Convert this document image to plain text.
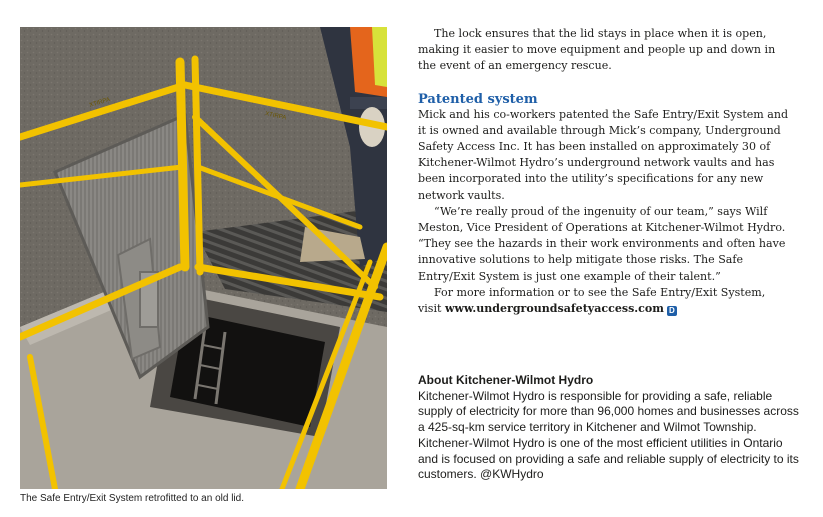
XTIRPA
XTIRPA
The Safe Entry/Exit System retrofitted to an old lid.

The lock ensures that the lid stays in place when it is open, making it easier to move equipment and people up and down in the event of an emergency rescue.

Patented system

Mick and his co-workers patented the Safe Entry/Exit System and it is owned and available through Mick’s company, Underground Safety Access Inc. It has been installed on approximately 30 of Kitchener-Wilmot Hydro’s underground network vaults and has been incorporated into the utility’s specifications for any new network vaults.

“We’re really proud of the ingenuity of our team,” says Wilf Meston, Vice President of Operations at Kitchener-Wilmot Hydro. “They see the hazards in their work environments and often have innovative solutions to help mitigate those risks. The Safe Entry/Exit System is just one example of their talent.”

For more information or to see the Safe Entry/Exit System, visit www.undergroundsafetyaccess.com D

About Kitchener-Wilmot Hydro
Kitchener-Wilmot Hydro is responsible for providing a safe, reliable supply of electricity for more than 96,000 homes and businesses across a 425-sq-km service territory in Kitchener and Wilmot Township. Kitchener-Wilmot Hydro is one of the most efficient utilities in Ontario and is focused on providing a safe and reliable supply of electricity to its customers. @KWHydro
